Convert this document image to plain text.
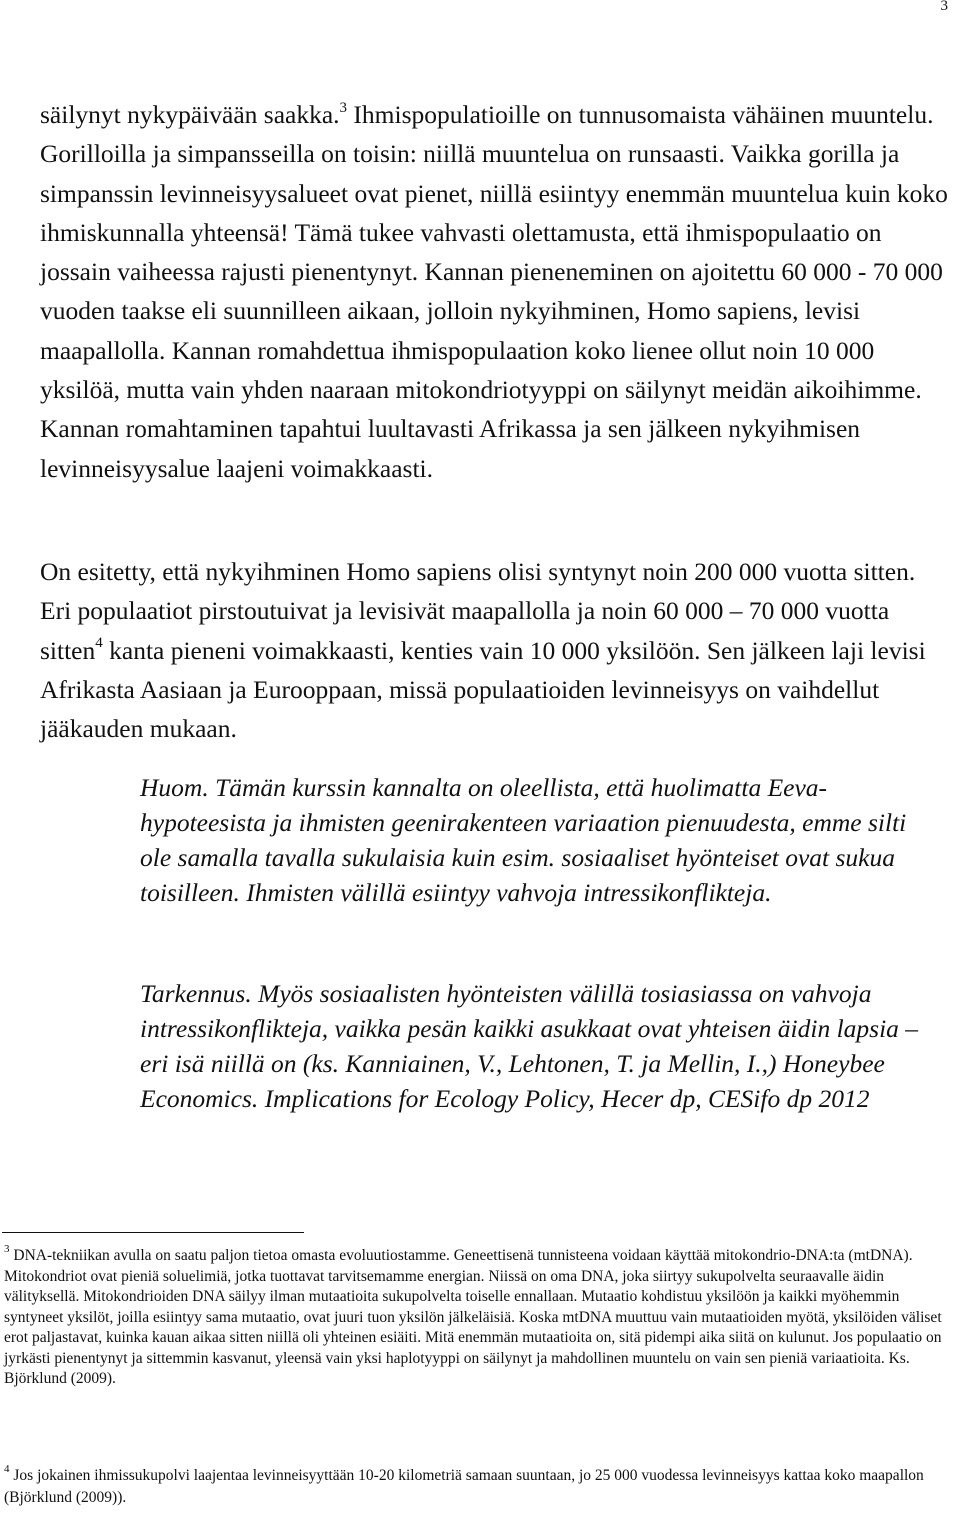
3
säilynyt nykypäivään saakka.$^3$ Ihmispopulatioille on tunnusomaista vähäinen muuntelu. Gorilloilla ja simpansseilla on toisin: niillä muuntelua on runsaasti. Vaikka gorilla ja simpanssin levinneisyysalueet ovat pienet, niillä esiintyy enemmän muuntelua kuin koko ihmiskunnalla yhteensä! Tämä tukee vahvasti olettamusta, että ihmispopulaatio on jossain vaiheessa rajusti pienentynyt. Kannan pieneneminen on ajoitettu 60 000 - 70 000 vuoden taakse eli suunnilleen aikaan, jolloin nykyihminen, Homo sapiens, levisi maapallolla. Kannan romahdettua ihmispopulaation koko lienee ollut noin 10 000 yksilöä, mutta vain yhden naaraan mitokondriotyyppi on säilynyt meidän aikoihimme. Kannan romahtaminen tapahtui luultavasti Afrikassa ja sen jälkeen nykyihmisen levinneisyysalue laajeni voimakkaasti.
On esitetty, että nykyihminen Homo sapiens olisi syntynyt noin 200 000 vuotta sitten. Eri populaatiot pirstoutuivat ja levisivät maapallolla ja noin 60 000 – 70 000 vuotta sitten$^4$ kanta pieneni voimakkaasti, kenties vain 10 000 yksilöön. Sen jälkeen laji levisi Afrikasta Aasiaan ja Eurooppaan, missä populaatioiden levinneisyys on vaihdellut jääkauden mukaan.
Huom. Tämän kurssin kannalta on oleellista, että huolimatta Eeva-hypoteesista ja ihmisten geenirakenteen variaation pienuudesta, emme silti ole samalla tavalla sukulaisia kuin esim. sosiaaliset hyönteiset ovat sukua toisilleen. Ihmisten välillä esiintyy vahvoja intressikonflikteja.
Tarkennus. Myös sosiaalisten hyönteisten välillä tosiasiassa on vahvoja intressikonflikteja, vaikka pesän kaikki asukkaat ovat yhteisen äidin lapsia – eri isä niillä on (ks. Kanniainen, V., Lehtonen, T. ja Mellin, I.,) Honeybee Economics. Implications for Ecology Policy, Hecer dp, CESifo dp 2012
$^3$ DNA-tekniikan avulla on saatu paljon tietoa omasta evoluutiostamme. Geneettisenä tunnisteena voidaan käyttää mitokondrio-DNA:ta (mtDNA). Mitokondriot ovat pieniä soluelimiä, jotka tuottavat tarvitsemamme energian. Niissä on oma DNA, joka siirtyy sukupolvelta seuraavalle äidin välityksellä. Mitokondrioiden DNA säilyy ilman mutaatioita sukupolvelta toiselle ennallaan. Mutaatio kohdistuu yksilöön ja kaikki myöhemmin syntyneet yksilöt, joilla esiintyy sama mutaatio, ovat juuri tuon yksilön jälkeläisiä. Koska mtDNA muuttuu vain mutaatioiden myötä, yksilöiden väliset erot paljastavat, kuinka kauan aikaa sitten niillä oli yhteinen esiäiti. Mitä enemmän mutaatioita on, sitä pidempi aika siitä on kulunut. Jos populaatio on jyrkästi pienentynyt ja sittemmin kasvanut, yleensä vain yksi haplotyyppi on säilynyt ja mahdollinen muuntelu on vain sen pieniä variaatioita. Ks. Björklund (2009).
$^4$ Jos jokainen ihmissukupolvi laajentaa levinneisyyttään 10-20 kilometriä samaan suuntaan, jo 25 000 vuodessa levinneisyys kattaa koko maapallon (Björklund (2009)).
